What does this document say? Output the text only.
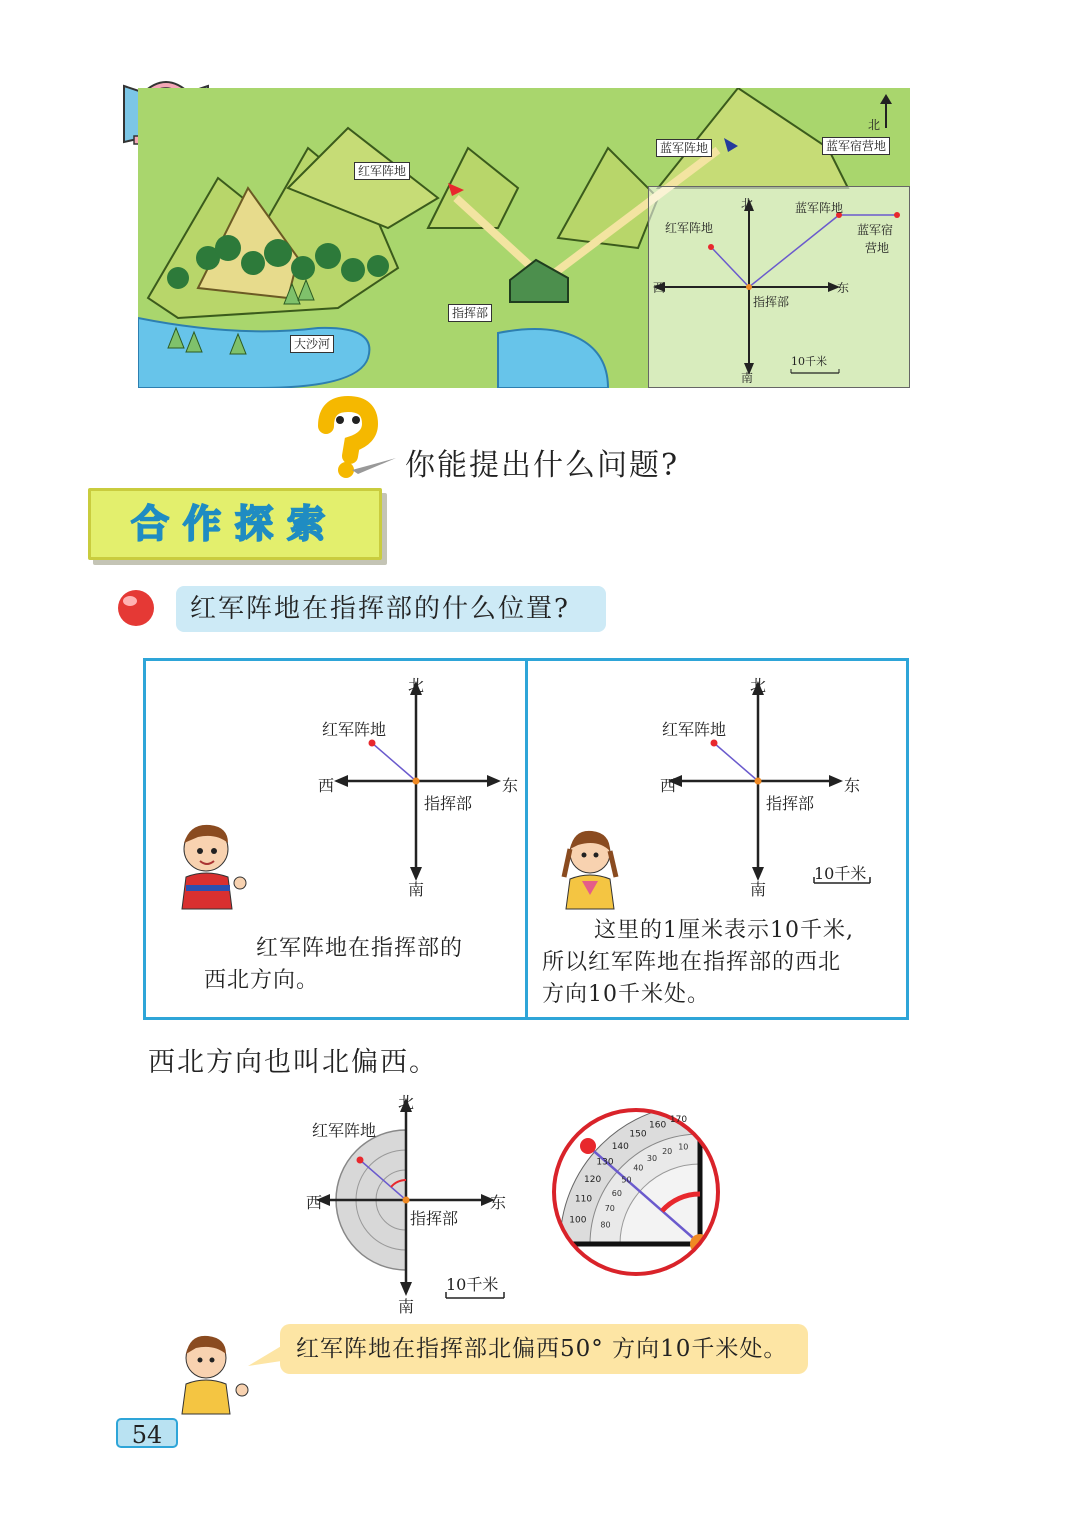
红军阵地
蓝军阵地	蓝军宿营地
指挥部
大沙河
北
北
南
东
西
红军阵地
蓝军阵地
蓝军宿
营地
指挥部
10千米
你能提出什么问题?
合作探索
红军阵地在指挥部的什么位置?
北
南
东
西
红军阵地
指挥部
红军阵地在指挥部的
西北方向。
北
南
东
西
红军阵地
指挥部
10千米
这里的1厘米表示10千米,
所以红军阵地在指挥部的西北
方向10千米处。
西北方向也叫北偏西。
北
南
东
西
红军阵地
指挥部
10千米
170
160
150
140
130
120
110
100
10
20
30
40
50
60
70
80
红军阵地在指挥部北偏西50° 方向10千米处。
54
